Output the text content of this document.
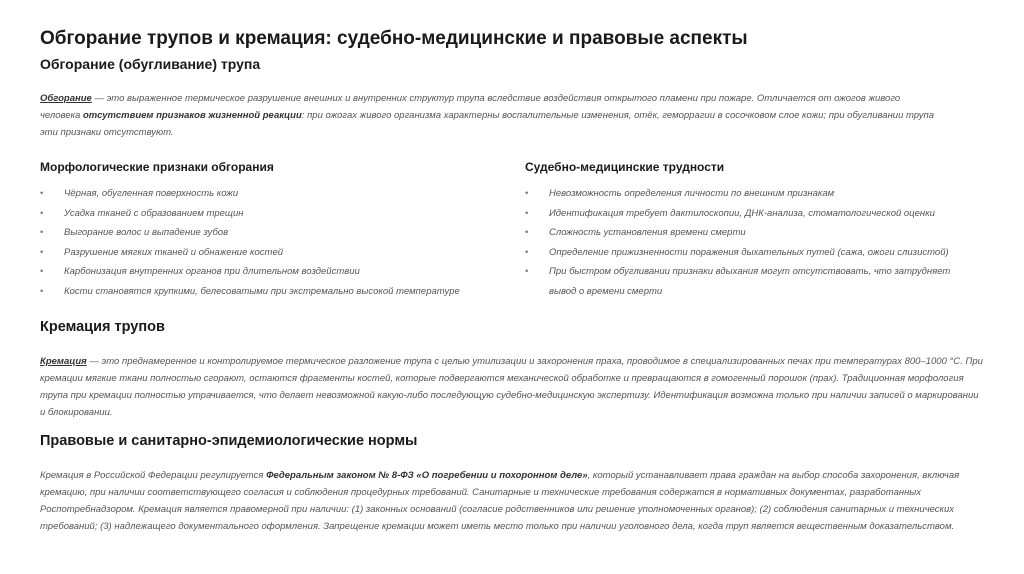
Обгорание трупов и кремация: судебно-медицинские и правовые аспекты

Обгорание (обугливание) трупа

Обгорание — это выраженное термическое разрушение внешних и внутренних структур трупа вследствие воздействия открытого пламени при пожаре. Отличается от ожогов живого человека отсутствием признаков жизненной реакции: при ожогах живого организма характерны воспалительные изменения, отёк, геморрагии в сосочковом слое кожи; при обугливании трупа эти признаки отсутствуют.

Морфологические признаки обгорания

• Чёрная, обугленная поверхность кожи
• Усадка тканей с образованием трещин
• Выгорание волос и выпадение зубов
• Разрушение мягких тканей и обнажение костей
• Карбонизация внутренних органов при длительном воздействии
• Кости становятся хрупкими, белесоватыми при экстремально высокой температуре

Судебно-медицинские трудности

• Невозможность определения личности по внешним признакам
• Идентификация требует дактилоскопии, ДНК-анализа, стоматологической оценки
• Сложность установления времени смерти
• Определение прижизненности поражения дыхательных путей (сажа, ожоги слизистой)
• При быстром обугливании признаки вдыхания могут отсутствовать, что затрудняет вывод о времени смерти
Кремация трупов

Кремация — это преднамеренное и контролируемое термическое разложение трупа с целью утилизации и захоронения праха, проводимое в специализированных печах при температурах 800–1000 °С. При кремации мягкие ткани полностью сгорают, остаются фрагменты костей, которые подвергаются механической обработке и превращаются в гомогенный порошок (прах). Традиционная морфология трупа при кремации полностью утрачивается, что делает невозможной какую-либо последующую судебно-медицинскую экспертизу. Идентификация возможна только при наличии записей о маркировании и блокировании.

Правовые и санитарно-эпидемиологические нормы

Кремация в Российской Федерации регулируется Федеральным законом № 8-ФЗ «О погребении и похоронном деле», который устанавливает права граждан на выбор способа захоронения, включая кремацию, при наличии соответствующего согласия и соблюдения процедурных требований. Санитарные и технические требования содержатся в нормативных документах, разработанных Роспотребнадзором. Кремация является правомерной при наличии: (1) законных оснований (согласие родственников или решение уполномоченных органов); (2) соблюдения санитарных и технических требований; (3) надлежащего документального оформления. Запрещение кремации может иметь место только при наличии уголовного дела, когда труп является вещественным доказательством.
